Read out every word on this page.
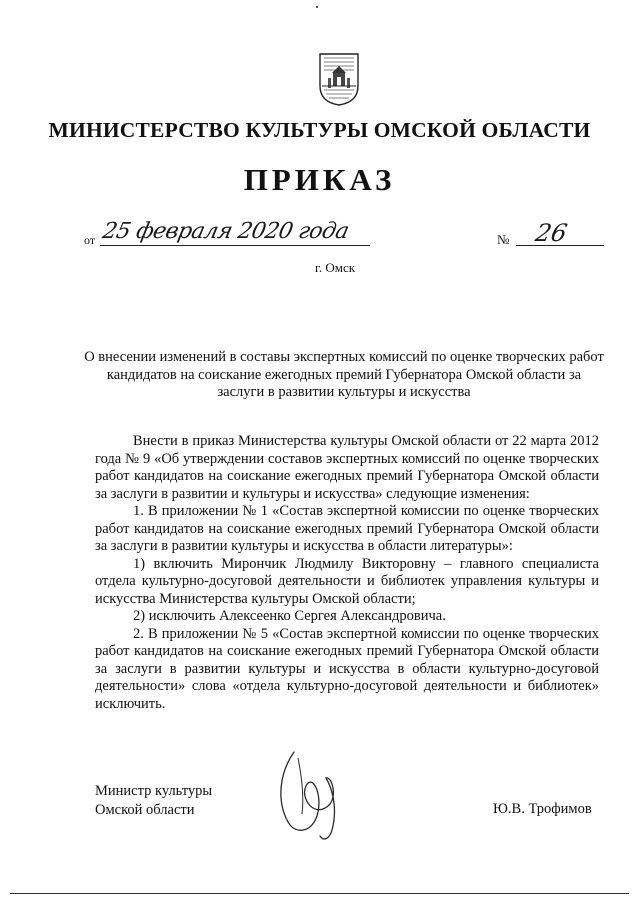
МИНИСТЕРСТВО КУЛЬТУРЫ ОМСКОЙ ОБЛАСТИ
ПРИКАЗ
от 25 февраля 2020 года	№ 26
г. Омск
О внесении изменений в составы экспертных комиссий по оценке творческих работ кандидатов на соискание ежегодных премий Губернатора Омской области за заслуги в развитии культуры и искусства

Внести в приказ Министерства культуры Омской области от 22 марта 2012 года № 9 «Об утверждении составов экспертных комиссий по оценке творческих работ кандидатов на соискание ежегодных премий Губернатора Омской области за заслуги в развитии и культуры и искусства» следующие изменения:

1. В приложении № 1 «Состав экспертной комиссии по оценке творческих работ кандидатов на соискание ежегодных премий Губернатора Омской области за заслуги в развитии культуры и искусства в области литературы»:

1) включить Мирончик Людмилу Викторовну – главного специалиста отдела культурно-досуговой деятельности и библиотек управления культуры и искусства Министерства культуры Омской области;

2) исключить Алексеенко Сергея Александровича.

2. В приложении № 5 «Состав экспертной комиссии по оценке творческих работ кандидатов на соискание ежегодных премий Губернатора Омской области за заслуги в развитии культуры и искусства в области культурно-досуговой деятельности» слова «отдела культурно-досуговой деятельности и библиотек» исключить.

Министр культуры
Омской области	Ю.В. Трофимов
